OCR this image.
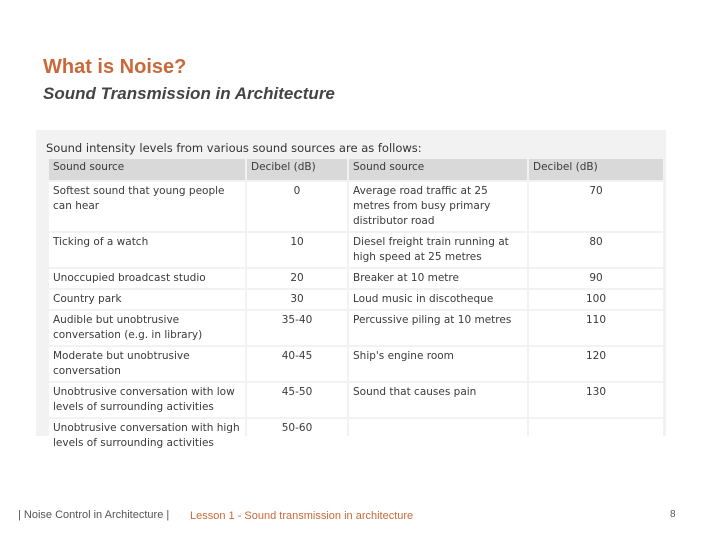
What is Noise?
Sound Transmission in Architecture
Sound intensity levels from various sound sources are as follows:
Sound source	Decibel (dB)	Sound source	Decibel (dB)
Softest sound that young people can hear	0	Average road traffic at 25 metres from busy primary distributor road	70
Ticking of a watch	10	Diesel freight train running at high speed at 25 metres	80
Unoccupied broadcast studio	20	Breaker at 10 metre	90
Country park	30	Loud music in discotheque	100
Audible but unobtrusive conversation (e.g. in library)	35-40	Percussive piling at 10 metres	110
Moderate but unobtrusive conversation	40-45	Ship's engine room	120
Unobtrusive conversation with low levels of surrounding activities	45-50	Sound that causes pain	130
Unobtrusive conversation with high levels of surrounding activities	50-60		
| Noise Control in Architecture | Lesson 1 - Sound transmission in architecture	8
